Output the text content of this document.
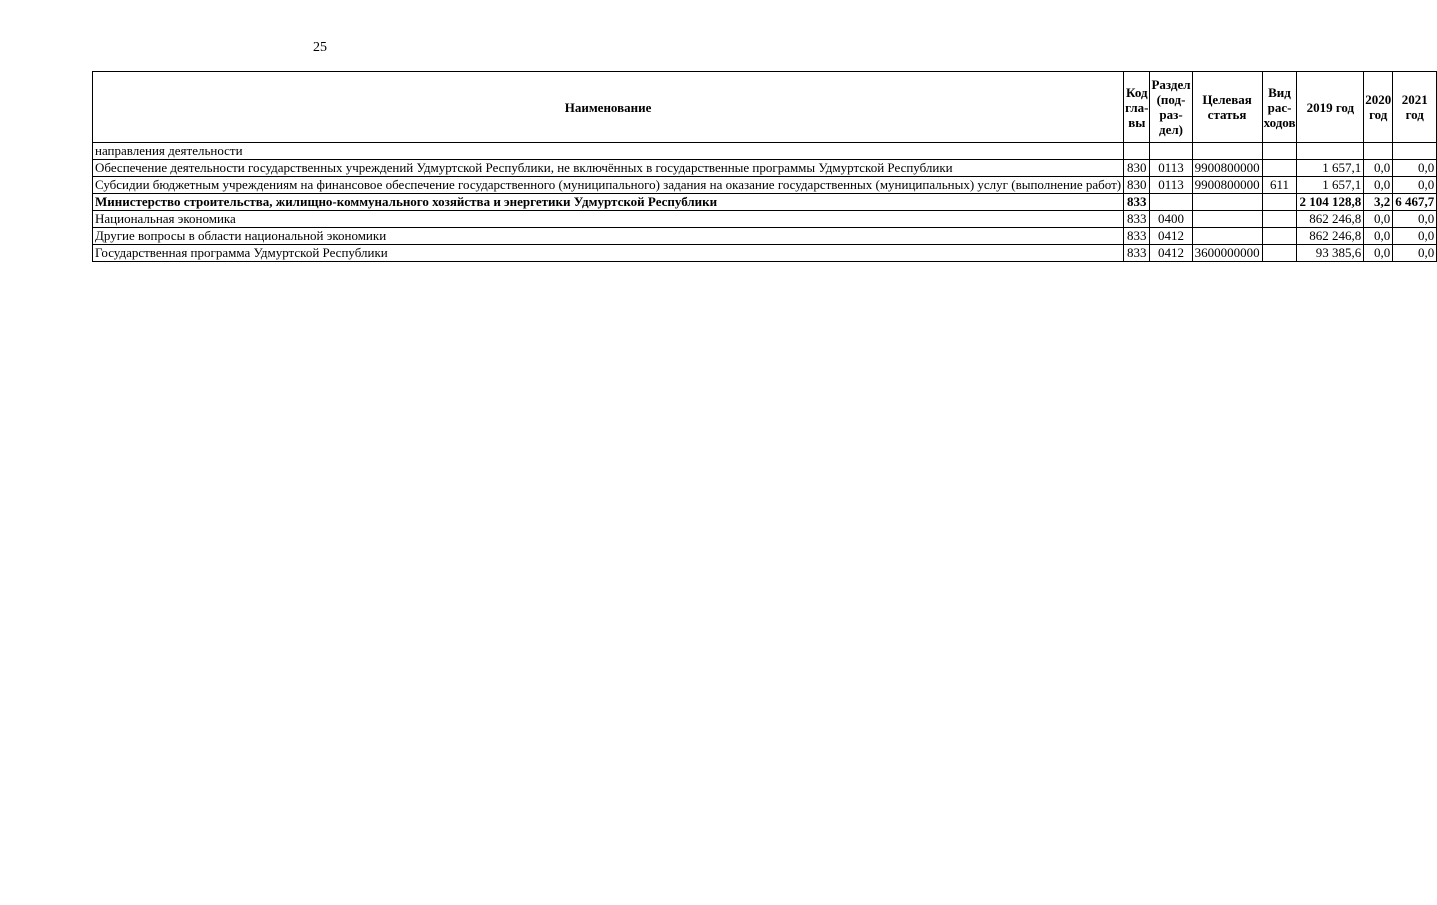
25
Наименование	Код гла-вы	Раздел (под-раз-дел)	Целевая статья	Вид рас-ходов	2019 год	2020 год	2021 год
направления деятельности							
Обеспечение деятельности государственных учреждений Удмуртской Республики, не включённых в государственные программы Удмуртской Республики	830	0113	9900800000		1 657,1	0,0	0,0
Субсидии бюджетным учреждениям на финансовое обеспечение государственного (муниципального) задания на оказание государственных (муниципальных) услуг (выполнение работ)	830	0113	9900800000	611	1 657,1	0,0	0,0
Министерство строительства, жилищно-коммунального хозяйства и энергетики Удмуртской Республики	833				2 104 128,8	3,2	6 467,7
Национальная экономика	833	0400			862 246,8	0,0	0,0
Другие вопросы в области национальной экономики	833	0412			862 246,8	0,0	0,0
Государственная программа Удмуртской Республики	833	0412	3600000000		93 385,6	0,0	0,0
